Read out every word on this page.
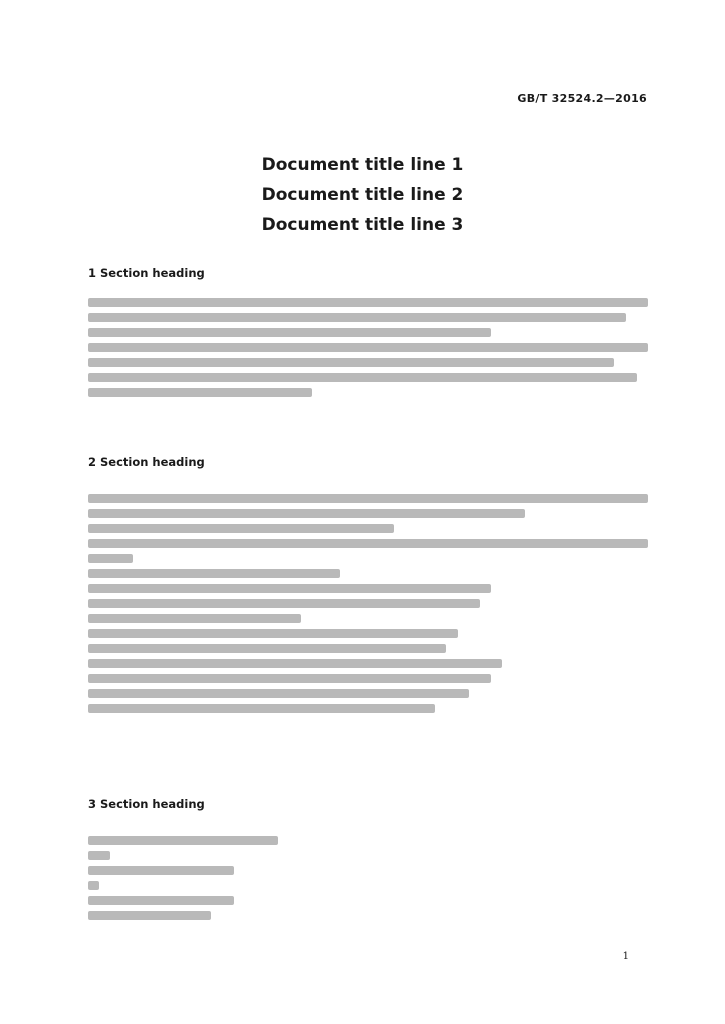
GB/T 32524.2—2016
Document title line 1
Document title line 2
Document title line 3
1 Section heading
2 Section heading
3 Section heading
1
